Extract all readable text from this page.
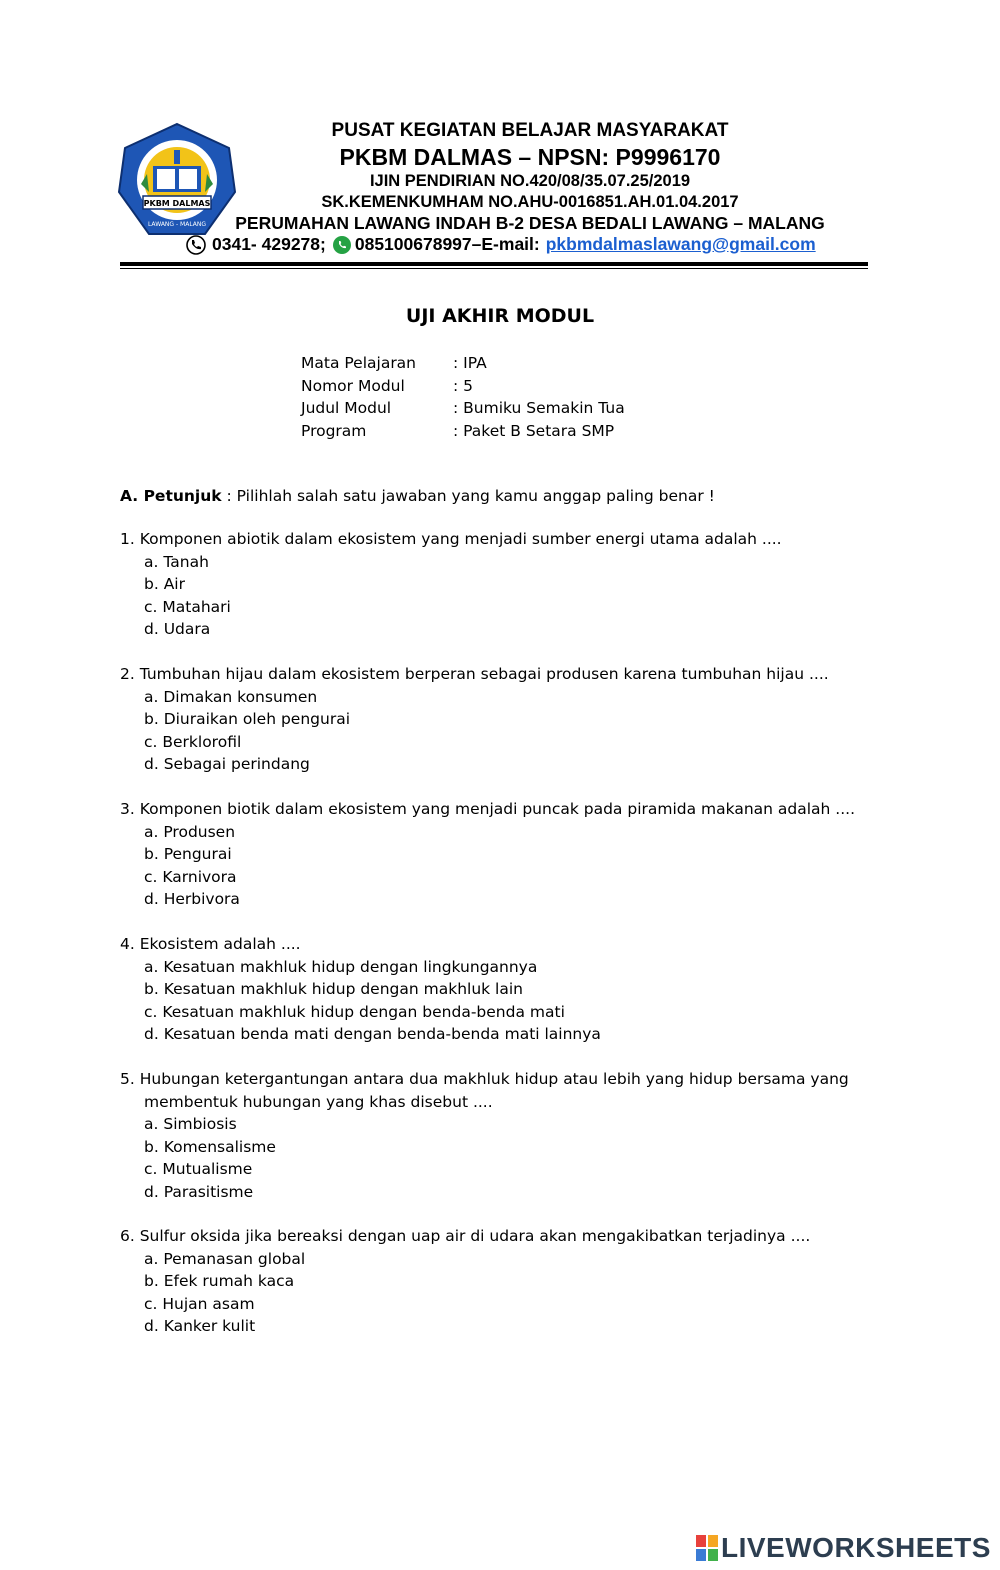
PKBM DALMAS
LAWANG - MALANG
PUSAT KEGIATAN BELAJAR MASYARAKAT
PKBM DALMAS – NPSN: P9996170
IJIN PENDIRIAN NO.420/08/35.07.25/2019
SK.KEMENKUMHAM NO.AHU-0016851.AH.01.04.2017
PERUMAHAN LAWANG INDAH B-2 DESA BEDALI LAWANG – MALANG
0341- 429278; 085100678997–E-mail: pkbmdalmaslawang@gmail.com
UJI AKHIR MODUL
Mata Pelajaran	: IPA
Nomor Modul	: 5
Judul Modul	: Bumiku Semakin Tua
Program	: Paket B Setara SMP
A. Petunjuk : Pilihlah salah satu jawaban yang kamu anggap paling benar !
1. Komponen abiotik dalam ekosistem yang menjadi sumber energi utama adalah ....
a. Tanah
b. Air
c. Matahari
d. Udara
2. Tumbuhan hijau dalam ekosistem berperan sebagai produsen karena tumbuhan hijau ....
a. Dimakan konsumen
b. Diuraikan oleh pengurai
c. Berklorofil
d. Sebagai perindang
3. Komponen biotik dalam ekosistem yang menjadi puncak pada piramida makanan adalah ....
a. Produsen
b. Pengurai
c. Karnivora
d. Herbivora
4. Ekosistem adalah ....
a. Kesatuan makhluk hidup dengan lingkungannya
b. Kesatuan makhluk hidup dengan makhluk lain
c. Kesatuan makhluk hidup dengan benda-benda mati
d. Kesatuan benda mati dengan benda-benda mati lainnya
5. Hubungan ketergantungan antara dua makhluk hidup atau lebih yang hidup bersama yang
membentuk hubungan yang khas disebut ....
a. Simbiosis
b. Komensalisme
c. Mutualisme
d. Parasitisme
6. Sulfur oksida jika bereaksi dengan uap air di udara akan mengakibatkan terjadinya ....
a. Pemanasan global
b. Efek rumah kaca
c. Hujan asam
d. Kanker kulit
LIVEWORKSHEETS
